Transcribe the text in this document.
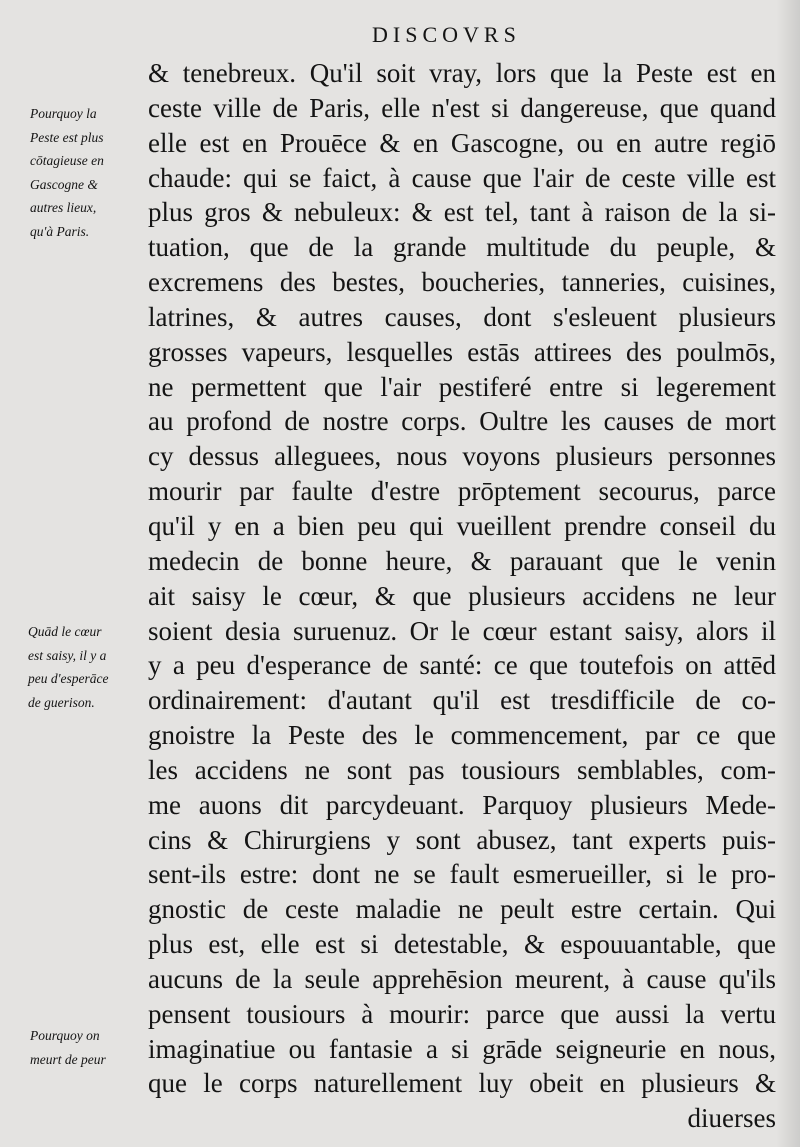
DISCOVRS
Pourquoy la
Peste est plus
cōtagieuse en
Gascogne &
autres lieux,
qu'à Paris.
Quād le cœur
est saisy, il y a
peu d'esperāce
de guerison.
Pourquoy on
meurt de peur
& tenebreux. Qu'il soit vray, lors que la Peste est en
ceste ville de Paris, elle n'est si dangereuse, que quand
elle est en Prouēce & en Gascogne, ou en autre regiō
chaude: qui se faict, à cause que l'air de ceste ville est
plus gros & nebuleux: & est tel, tant à raison de la si-
tuation, que de la grande multitude du peuple, &
excremens des bestes, boucheries, tanneries, cuisines,
latrines, & autres causes, dont s'esleuent plusieurs
grosses vapeurs, lesquelles estās attirees des poulmōs,
ne permettent que l'air pestiferé entre si legerement
au profond de nostre corps. Oultre les causes de mort
cy dessus alleguees, nous voyons plusieurs personnes
mourir par faulte d'estre prōptement secourus, parce
qu'il y en a bien peu qui vueillent prendre conseil du
medecin de bonne heure, & parauant que le venin
ait saisy le cœur, & que plusieurs accidens ne leur
soient desia suruenuz. Or le cœur estant saisy, alors il
y a peu d'esperance de santé: ce que toutefois on attēd
ordinairement: d'autant qu'il est tresdifficile de co-
gnoistre la Peste des le commencement, par ce que
les accidens ne sont pas tousiours semblables, com-
me auons dit parcydeuant. Parquoy plusieurs Mede-
cins & Chirurgiens y sont abusez, tant experts puis-
sent-ils estre: dont ne se fault esmerueiller, si le pro-
gnostic de ceste maladie ne peult estre certain. Qui
plus est, elle est si detestable, & espouuantable, que
aucuns de la seule apprehēsion meurent, à cause qu'ils
pensent tousiours à mourir: parce que aussi la vertu
imaginatiue ou fantasie a si grāde seigneurie en nous,
que le corps naturellement luy obeit en plusieurs &
diuerses
